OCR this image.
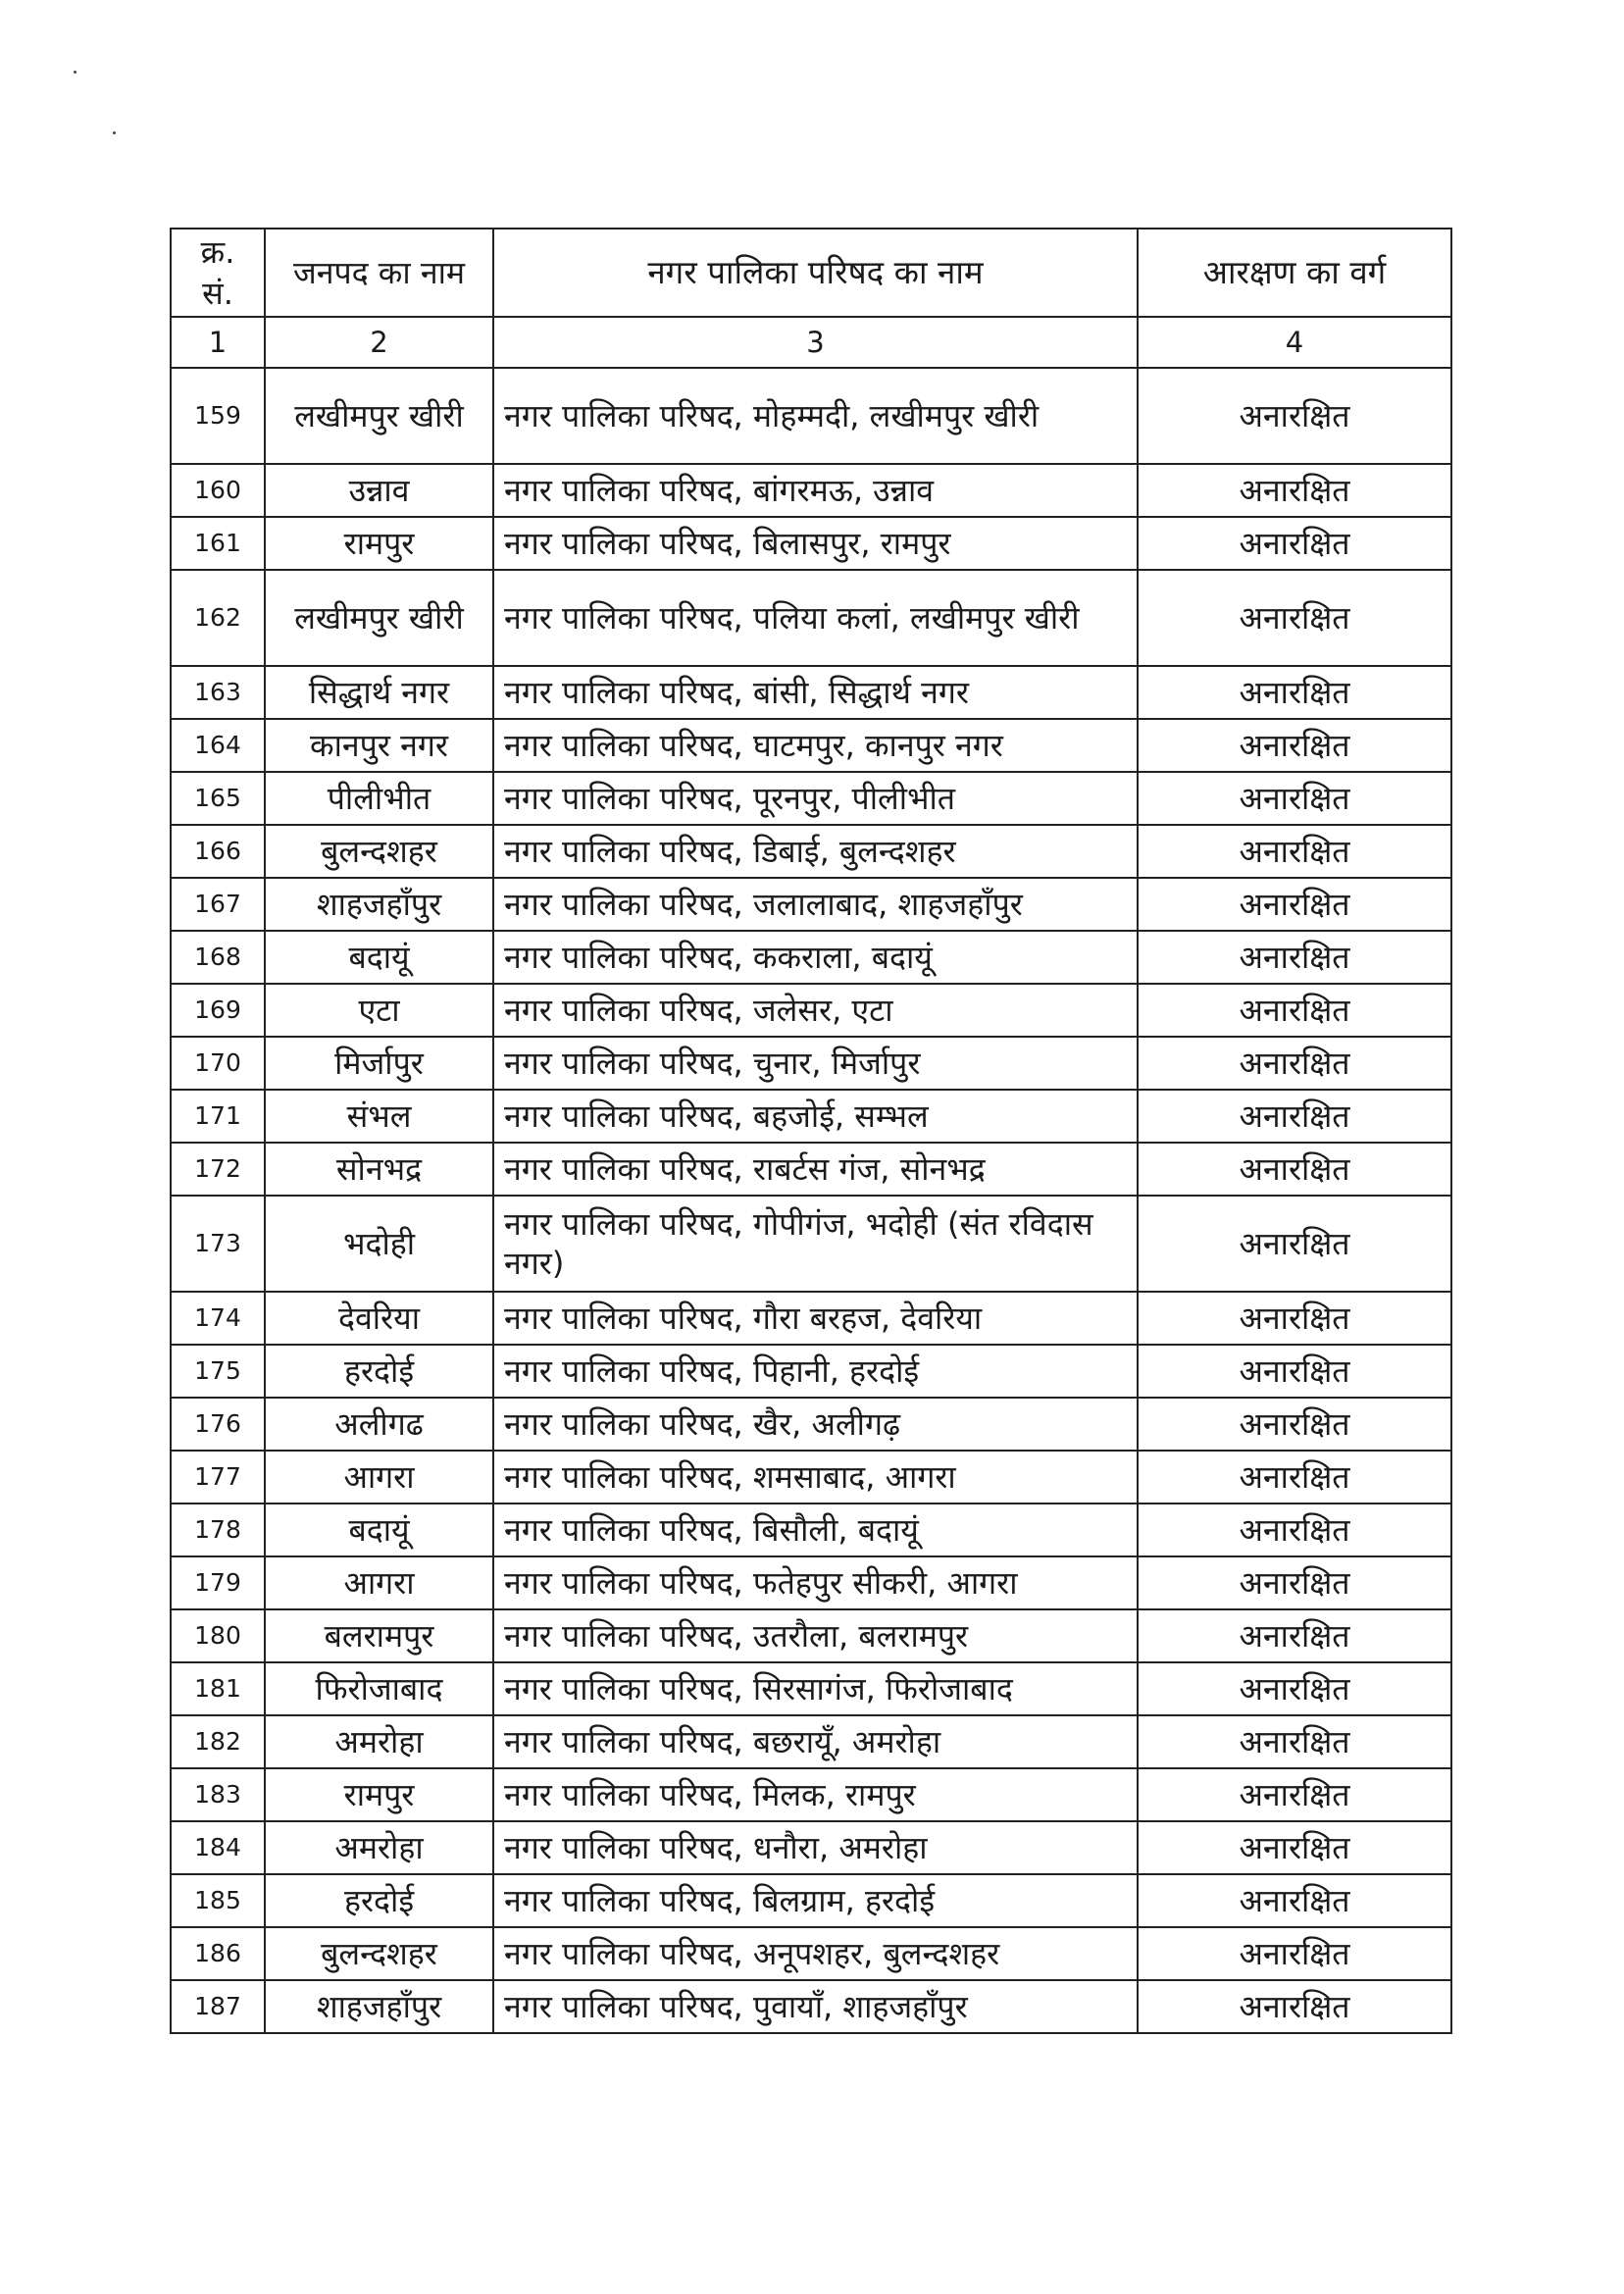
क्र. सं.	जनपद का नाम	नगर पालिका परिषद का नाम	आरक्षण का वर्ग
1	2	3	4
159	लखीमपुर खीरी	नगर पालिका परिषद, मोहम्मदी, लखीमपुर खीरी	अनारक्षित
160	उन्नाव	नगर पालिका परिषद, बांगरमऊ, उन्नाव	अनारक्षित
161	रामपुर	नगर पालिका परिषद, बिलासपुर, रामपुर	अनारक्षित
162	लखीमपुर खीरी	नगर पालिका परिषद, पलिया कलां, लखीमपुर खीरी	अनारक्षित
163	सिद्धार्थ नगर	नगर पालिका परिषद, बांसी, सिद्धार्थ नगर	अनारक्षित
164	कानपुर नगर	नगर पालिका परिषद, घाटमपुर, कानपुर नगर	अनारक्षित
165	पीलीभीत	नगर पालिका परिषद, पूरनपुर, पीलीभीत	अनारक्षित
166	बुलन्दशहर	नगर पालिका परिषद, डिबाई, बुलन्दशहर	अनारक्षित
167	शाहजहाँपुर	नगर पालिका परिषद, जलालाबाद, शाहजहाँपुर	अनारक्षित
168	बदायूं	नगर पालिका परिषद, ककराला, बदायूं	अनारक्षित
169	एटा	नगर पालिका परिषद, जलेसर, एटा	अनारक्षित
170	मिर्जापुर	नगर पालिका परिषद, चुनार, मिर्जापुर	अनारक्षित
171	संभल	नगर पालिका परिषद, बहजोई, सम्भल	अनारक्षित
172	सोनभद्र	नगर पालिका परिषद, राबर्टस गंज, सोनभद्र	अनारक्षित
173	भदोही	नगर पालिका परिषद, गोपीगंज, भदोही (संत रविदास नगर)	अनारक्षित
174	देवरिया	नगर पालिका परिषद, गौरा बरहज, देवरिया	अनारक्षित
175	हरदोई	नगर पालिका परिषद, पिहानी, हरदोई	अनारक्षित
176	अलीगढ	नगर पालिका परिषद, खैर, अलीगढ़	अनारक्षित
177	आगरा	नगर पालिका परिषद, शमसाबाद, आगरा	अनारक्षित
178	बदायूं	नगर पालिका परिषद, बिसौली, बदायूं	अनारक्षित
179	आगरा	नगर पालिका परिषद, फतेहपुर सीकरी, आगरा	अनारक्षित
180	बलरामपुर	नगर पालिका परिषद, उतरौला, बलरामपुर	अनारक्षित
181	फिरोजाबाद	नगर पालिका परिषद, सिरसागंज, फिरोजाबाद	अनारक्षित
182	अमरोहा	नगर पालिका परिषद, बछरायूँ, अमरोहा	अनारक्षित
183	रामपुर	नगर पालिका परिषद, मिलक, रामपुर	अनारक्षित
184	अमरोहा	नगर पालिका परिषद, धनौरा, अमरोहा	अनारक्षित
185	हरदोई	नगर पालिका परिषद, बिलग्राम, हरदोई	अनारक्षित
186	बुलन्दशहर	नगर पालिका परिषद, अनूपशहर, बुलन्दशहर	अनारक्षित
187	शाहजहाँपुर	नगर पालिका परिषद, पुवायाँ, शाहजहाँपुर	अनारक्षित
